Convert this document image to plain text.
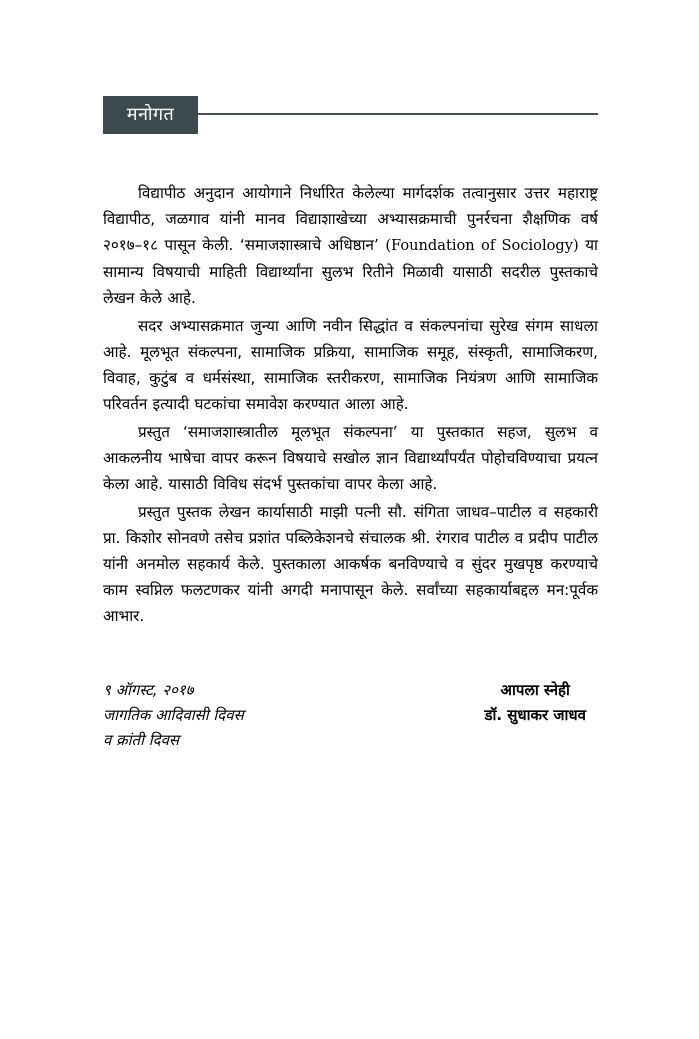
मनोगत

विद्यापीठ अनुदान आयोगाने निर्धारित केलेल्या मार्गदर्शक तत्वानुसार उत्तर महाराष्ट्र विद्यापीठ, जळगाव यांनी मानव विद्याशाखेच्या अभ्यासक्रमाची पुनर्रचना शैक्षणिक वर्ष २०१७–१८ पासून केली. ‘समाजशास्त्राचे अधिष्ठान’ (Foundation of Sociology) या सामान्य विषयाची माहिती विद्यार्थ्यांना सुलभ रितीने मिळावी यासाठी सदरील पुस्तकाचे लेखन केले आहे.

सदर अभ्यासक्रमात जुन्या आणि नवीन सिद्धांत व संकल्पनांचा सुरेख संगम साधला आहे. मूलभूत संकल्पना, सामाजिक प्रक्रिया, सामाजिक समूह, संस्कृती, सामाजिकरण, विवाह, कुटुंब व धर्मसंस्था, सामाजिक स्तरीकरण, सामाजिक नियंत्रण आणि सामाजिक परिवर्तन इत्यादी घटकांचा समावेश करण्यात आला आहे.

प्रस्तुत ‘समाजशास्त्रातील मूलभूत संकल्पना’ या पुस्तकात सहज, सुलभ व आकलनीय भाषेचा वापर करून विषयाचे सखोल ज्ञान विद्यार्थ्यांपर्यंत पोहोचविण्याचा प्रयत्न केला आहे. यासाठी विविध संदर्भ पुस्तकांचा वापर केला आहे.

प्रस्तुत पुस्तक लेखन कार्यासाठी माझी पत्नी सौ. संगिता जाधव–पाटील व सहकारी प्रा. किशोर सोनवणे तसेच प्रशांत पब्लिकेशनचे संचालक श्री. रंगराव पाटील व प्रदीप पाटील यांनी अनमोल सहकार्य केले. पुस्तकाला आकर्षक बनविण्याचे व सुंदर मुखपृष्ठ करण्याचे काम स्वप्निल फलटणकर यांनी अगदी मनापासून केले. सर्वांच्या सहकार्याबद्दल मन:पूर्वक आभार.

९ ऑगस्ट, २०१७
जागतिक आदिवासी दिवस
व क्रांती दिवस
आपला स्नेही
डॉ. सुधाकर जाधव
